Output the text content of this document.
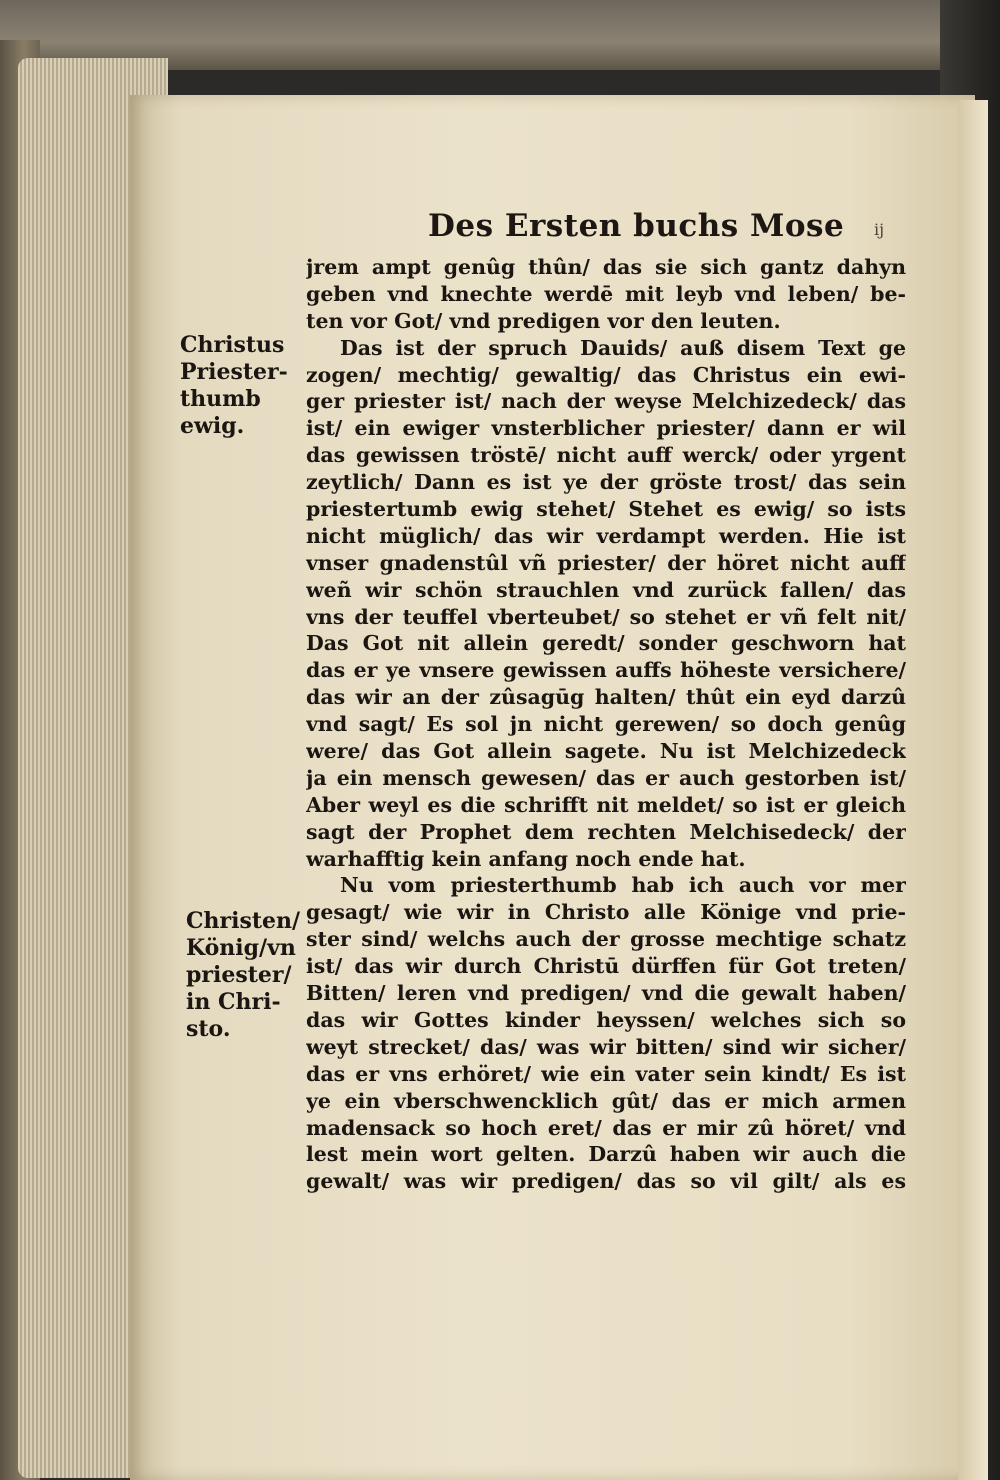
Des Ersten buchs Mose ij
Christus
Priester-
thumb
ewig.
Christen/
König/vn
priester/
in Chri-
sto.
jrem ampt genûg thûn/ das sie sich gantz dahyn
geben vnd knechte werdē mit leyb vnd leben/ be-
ten vor Got/ vnd predigen vor den leuten.
Das ist der spruch Dauids/ auß disem Text ge
zogen/ mechtig/ gewaltig/ das Christus ein ewi-
ger priester ist/ nach der weyse Melchizedeck/ das
ist/ ein ewiger vnsterblicher priester/ dann er wil
das gewissen tröstē/ nicht auff werck/ oder yrgent
zeytlich/ Dann es ist ye der gröste trost/ das sein
priestertumb ewig stehet/ Stehet es ewig/ so ists
nicht müglich/ das wir verdampt werden. Hie ist
vnser gnadenstûl vñ priester/ der höret nicht auff
weñ wir schön strauchlen vnd zurück fallen/ das
vns der teuffel vberteubet/ so stehet er vñ felt nit/
Das Got nit allein geredt/ sonder geschworn hat
das er ye vnsere gewissen auffs höheste versichere/
das wir an der zûsagūg halten/ thût ein eyd darzû
vnd sagt/ Es sol jn nicht gerewen/ so doch genûg
were/ das Got allein sagete. Nu ist Melchizedeck
ja ein mensch gewesen/ das er auch gestorben ist/
Aber weyl es die schrifft nit meldet/ so ist er gleich
sagt der Prophet dem rechten Melchisedeck/ der
warhafftig kein anfang noch ende hat.
Nu vom priesterthumb hab ich auch vor mer
gesagt/ wie wir in Christo alle Könige vnd prie-
ster sind/ welchs auch der grosse mechtige schatz
ist/ das wir durch Christū dürffen für Got treten/
Bitten/ leren vnd predigen/ vnd die gewalt haben/
das wir Gottes kinder heyssen/ welches sich so
weyt strecket/ das/ was wir bitten/ sind wir sicher/
das er vns erhöret/ wie ein vater sein kindt/ Es ist
ye ein vberschwencklich gût/ das er mich armen
madensack so hoch eret/ das er mir zû höret/ vnd
lest mein wort gelten. Darzû haben wir auch die
gewalt/ was wir predigen/ das so vil gilt/ als es
